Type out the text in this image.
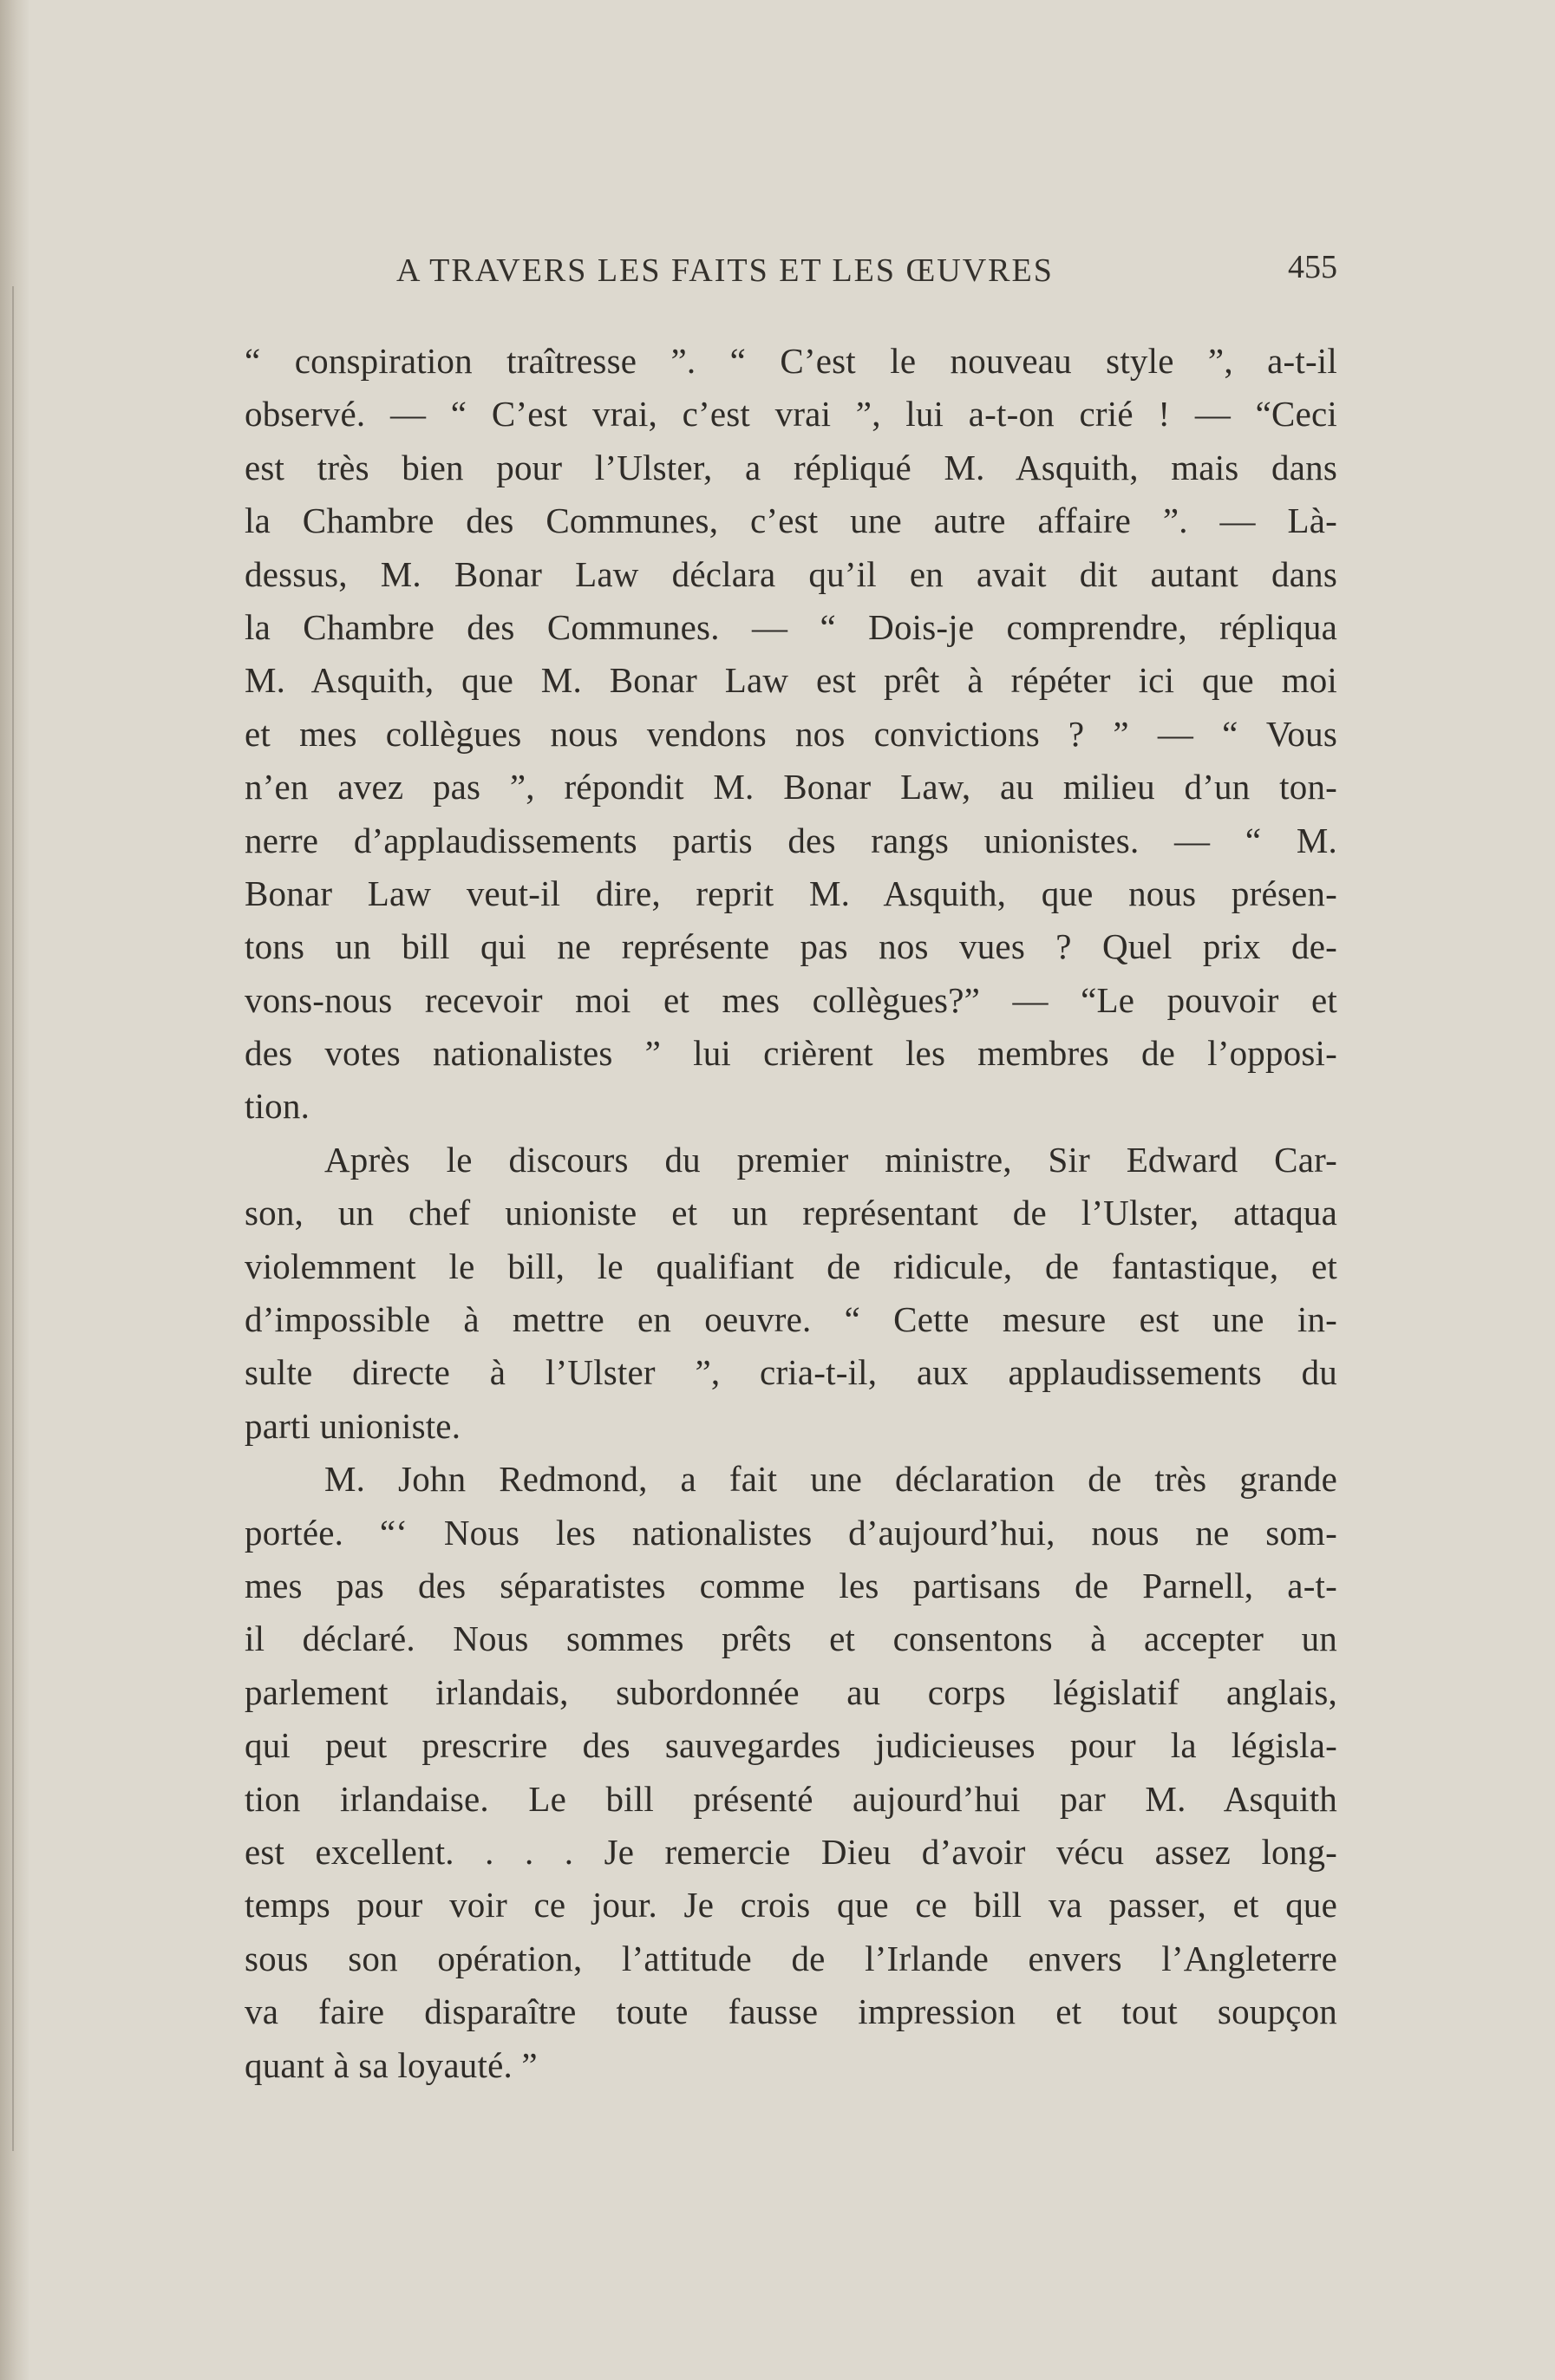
A TRAVERS LES FAITS ET LES ŒUVRES	455
“ conspiration traîtresse ”. “ C’est le nouveau style ”, a-t-il
observé. — “ C’est vrai, c’est vrai ”, lui a-t-on crié ! — “Ceci
est très bien pour l’Ulster, a répliqué M. Asquith, mais dans
la Chambre des Communes, c’est une autre affaire ”. — Là-
dessus, M. Bonar Law déclara qu’il en avait dit autant dans
la Chambre des Communes. — “ Dois-je comprendre, répliqua
M. Asquith, que M. Bonar Law est prêt à répéter ici que moi
et mes collègues nous vendons nos convictions ? ” — “ Vous
n’en avez pas ”, répondit M. Bonar Law, au milieu d’un ton-
nerre d’applaudissements partis des rangs unionistes. — “ M.
Bonar Law veut-il dire, reprit M. Asquith, que nous présen-
tons un bill qui ne représente pas nos vues ? Quel prix de-
vons-nous recevoir moi et mes collègues?” — “Le pouvoir et
des votes nationalistes ” lui crièrent les membres de l’opposi-
tion.
Après le discours du premier ministre, Sir Edward Car-
son, un chef unioniste et un représentant de l’Ulster, attaqua
violemment le bill, le qualifiant de ridicule, de fantastique, et
d’impossible à mettre en oeuvre. “ Cette mesure est une in-
sulte directe à l’Ulster ”, cria-t-il, aux applaudissements du
parti unioniste.
M. John Redmond, a fait une déclaration de très grande
portée. “‘ Nous les nationalistes d’aujourd’hui, nous ne som-
mes pas des séparatistes comme les partisans de Parnell, a-t-
il déclaré. Nous sommes prêts et consentons à accepter un
parlement irlandais, subordonnée au corps législatif anglais,
qui peut prescrire des sauvegardes judicieuses pour la législa-
tion irlandaise. Le bill présenté aujourd’hui par M. Asquith
est excellent. . . . Je remercie Dieu d’avoir vécu assez long-
temps pour voir ce jour. Je crois que ce bill va passer, et que
sous son opération, l’attitude de l’Irlande envers l’Angleterre
va faire disparaître toute fausse impression et tout soupçon
quant à sa loyauté. ”
